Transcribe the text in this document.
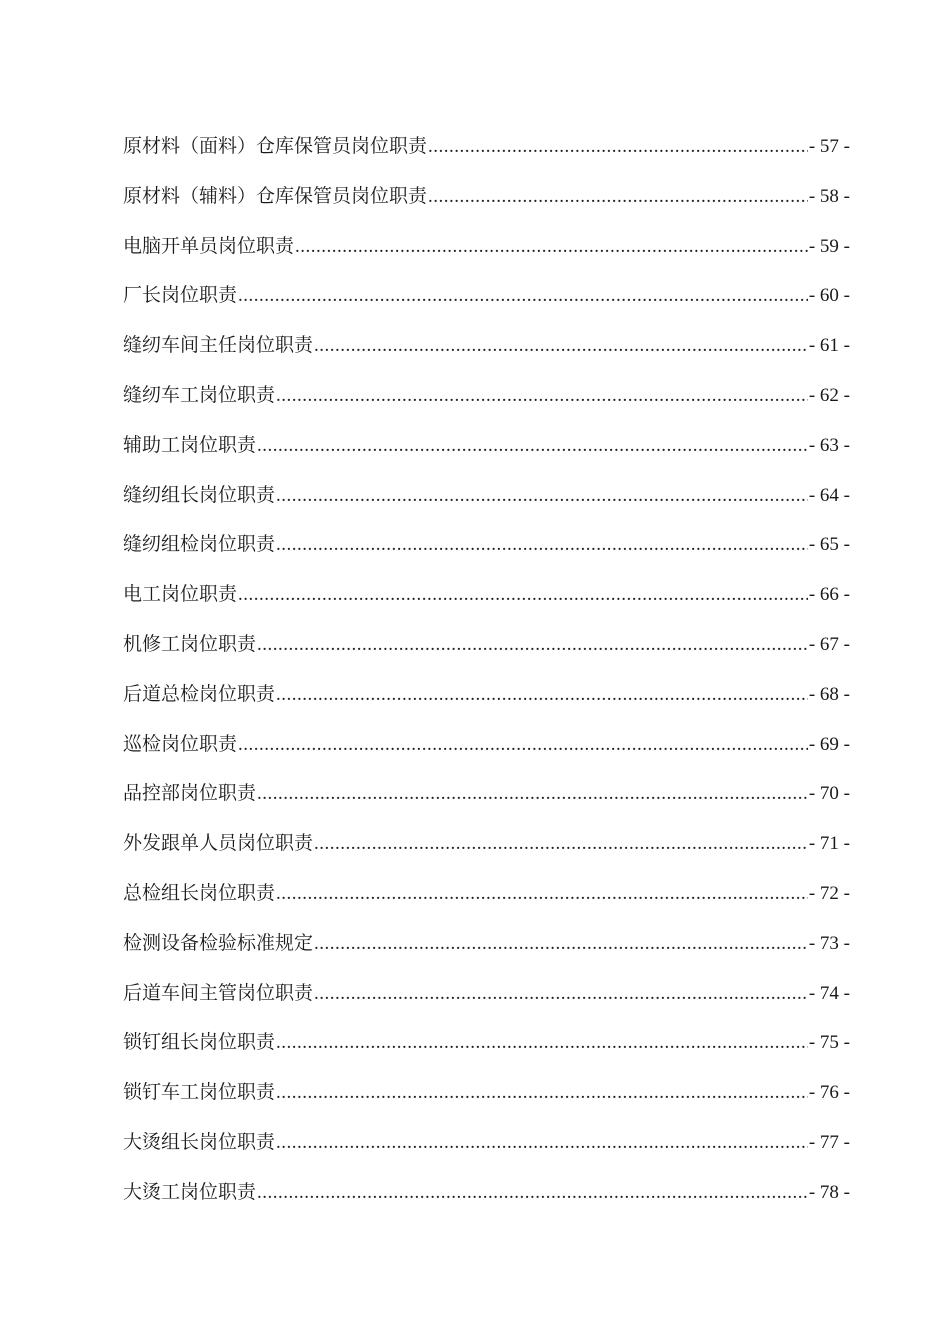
原材料（面料）仓库保管员岗位职责 .....	- 57 -
原材料（辅料）仓库保管员岗位职责 .....	- 58 -
电脑开单员岗位职责 .....	- 59 -
厂长岗位职责 .....	- 60 -
缝纫车间主任岗位职责 .....	- 61 -
缝纫车工岗位职责 .....	- 62 -
辅助工岗位职责 .....	- 63 -
缝纫组长岗位职责 .....	- 64 -
缝纫组检岗位职责 .....	- 65 -
电工岗位职责 .....	- 66 -
机修工岗位职责 .....	- 67 -
后道总检岗位职责 .....	- 68 -
巡检岗位职责 .....	- 69 -
品控部岗位职责 .....	- 70 -
外发跟单人员岗位职责 .....	- 71 -
总检组长岗位职责 .....	- 72 -
检测设备检验标准规定 .....	- 73 -
后道车间主管岗位职责 .....	- 74 -
锁钉组长岗位职责 .....	- 75 -
锁钉车工岗位职责 .....	- 76 -
大烫组长岗位职责 .....	- 77 -
大烫工岗位职责 .....	- 78 -
